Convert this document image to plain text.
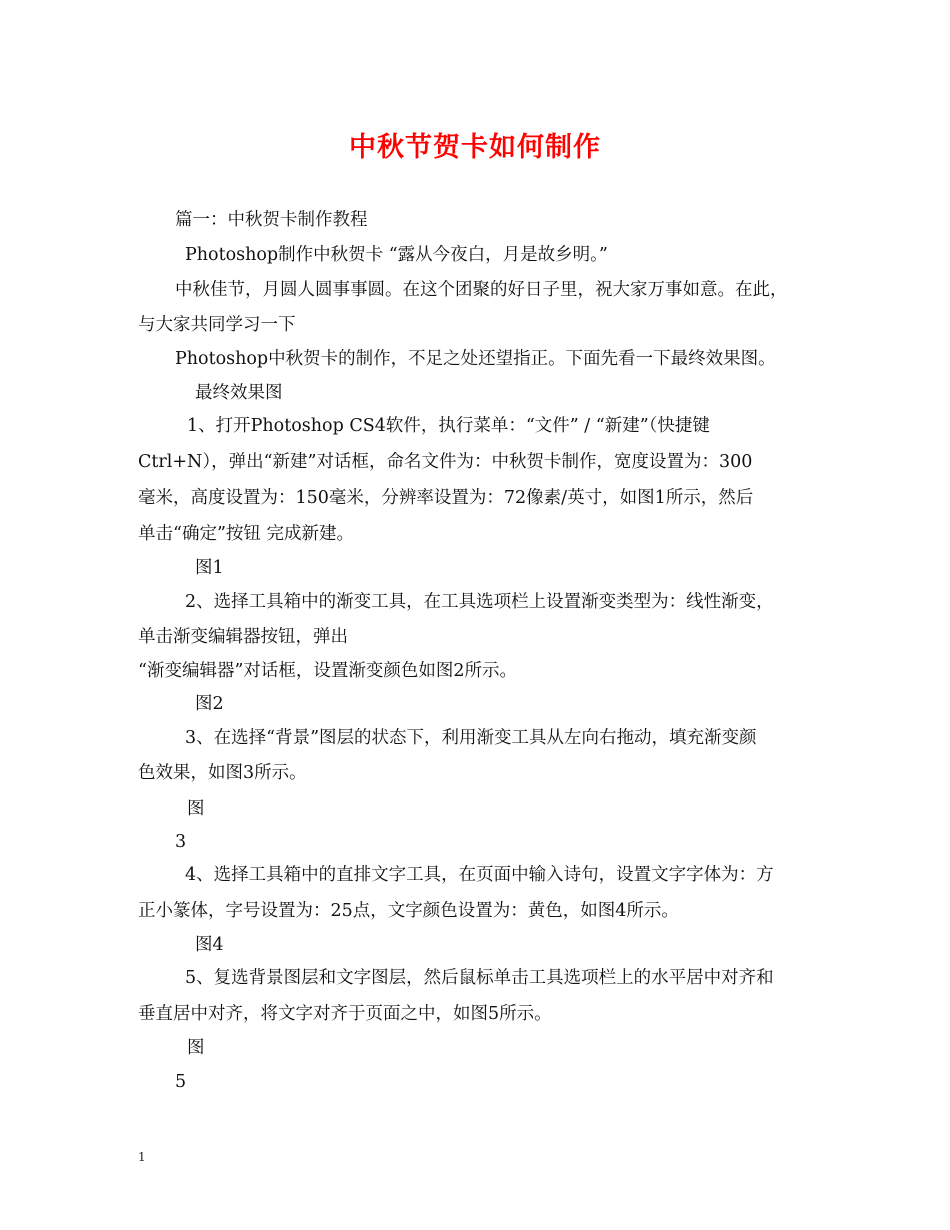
中秋节贺卡如何制作
篇一：中秋贺卡制作教程
Photoshop制作中秋贺卡 “露从今夜白，月是故乡明。”
中秋佳节，月圆人圆事事圆。在这个团聚的好日子里，祝大家万事如意。在此，
与大家共同学习一下
Photoshop中秋贺卡的制作，不足之处还望指正。下面先看一下最终效果图。
最终效果图
1、打开Photoshop CS4软件，执行菜单：“文件” / “新建”（快捷键
Ctrl+N），弹出“新建”对话框，命名文件为：中秋贺卡制作，宽度设置为：300
毫米，高度设置为：150毫米，分辨率设置为：72像素/英寸，如图1所示，然后
单击“确定”按钮 完成新建。
图1
2、选择工具箱中的渐变工具，在工具选项栏上设置渐变类型为：线性渐变，
单击渐变编辑器按钮，弹出
“渐变编辑器”对话框，设置渐变颜色如图2所示。
图2
3、在选择“背景”图层的状态下，利用渐变工具从左向右拖动，填充渐变颜
色效果，如图3所示。
图
3
4、选择工具箱中的直排文字工具，在页面中输入诗句，设置文字字体为：方
正小篆体，字号设置为：25点，文字颜色设置为：黄色，如图4所示。
图4
5、复选背景图层和文字图层，然后鼠标单击工具选项栏上的水平居中对齐和
垂直居中对齐，将文字对齐于页面之中，如图5所示。
图
5
1
